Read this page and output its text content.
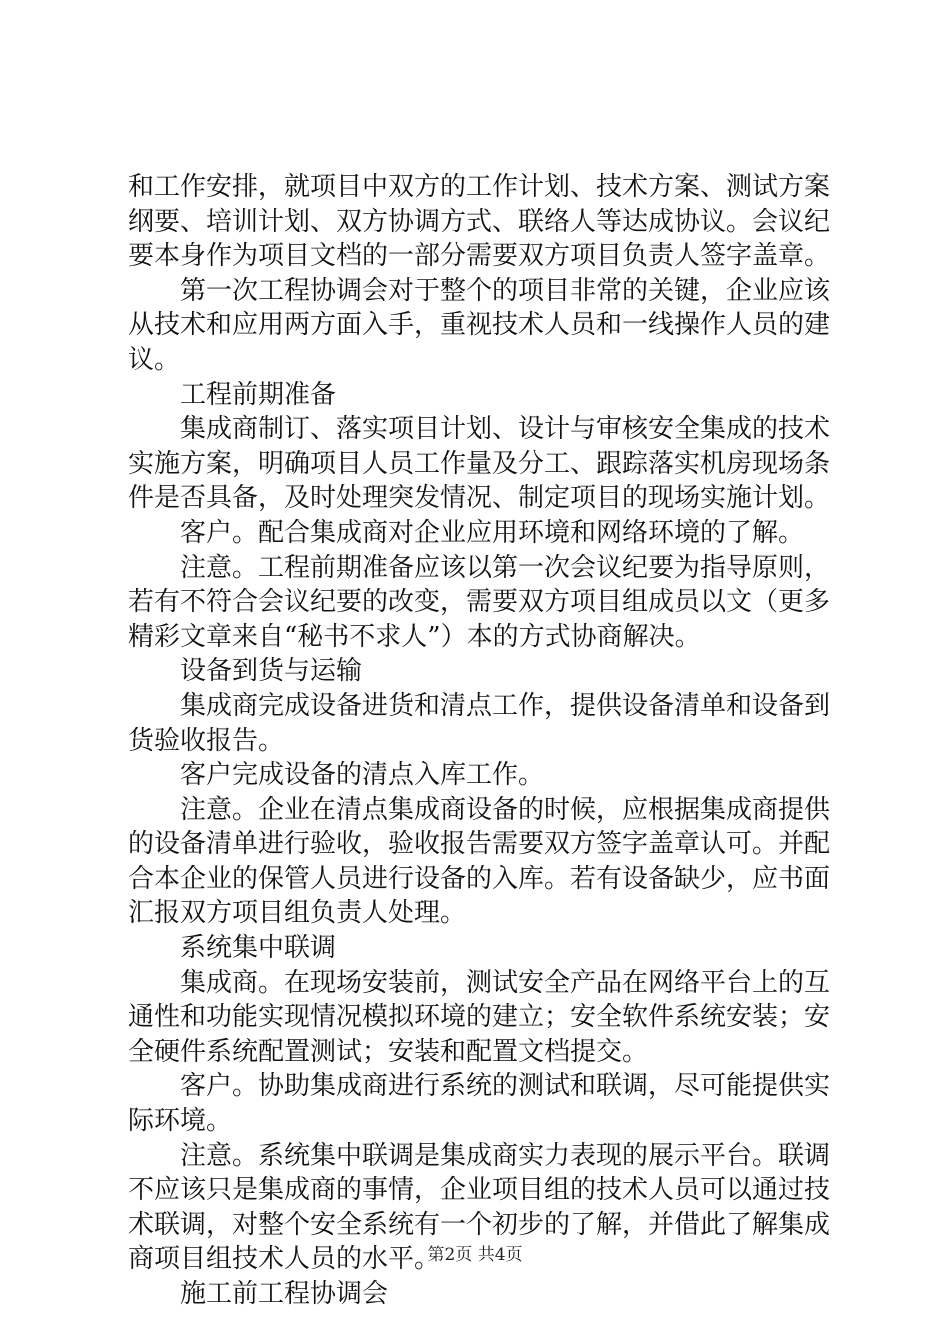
和工作安排，就项目中双方的工作计划、技术方案、测试方案纲要、培训计划、双方协调方式、联络人等达成协议。会议纪要本身作为项目文档的一部分需要双方项目负责人签字盖章。

第一次工程协调会对于整个的项目非常的关键，企业应该从技术和应用两方面入手，重视技术人员和一线操作人员的建议。

工程前期准备

集成商制订、落实项目计划、设计与审核安全集成的技术实施方案，明确项目人员工作量及分工、跟踪落实机房现场条件是否具备，及时处理突发情况、制定项目的现场实施计划。

客户。配合集成商对企业应用环境和网络环境的了解。

注意。工程前期准备应该以第一次会议纪要为指导原则，若有不符合会议纪要的改变，需要双方项目组成员以文（更多精彩文章来自“秘书不求人”）本的方式协商解决。

设备到货与运输

集成商完成设备进货和清点工作，提供设备清单和设备到货验收报告。

客户完成设备的清点入库工作。

注意。企业在清点集成商设备的时候，应根据集成商提供的设备清单进行验收，验收报告需要双方签字盖章认可。并配合本企业的保管人员进行设备的入库。若有设备缺少，应书面汇报双方项目组负责人处理。

系统集中联调

集成商。在现场安装前，测试安全产品在网络平台上的互通性和功能实现情况模拟环境的建立；安全软件系统安装；安全硬件系统配置测试；安装和配置文档提交。

客户。协助集成商进行系统的测试和联调，尽可能提供实际环境。

注意。系统集中联调是集成商实力表现的展示平台。联调不应该只是集成商的事情，企业项目组的技术人员可以通过技术联调，对整个安全系统有一个初步的了解，并借此了解集成商项目组技术人员的水平。

施工前工程协调会

第2页 共4页
